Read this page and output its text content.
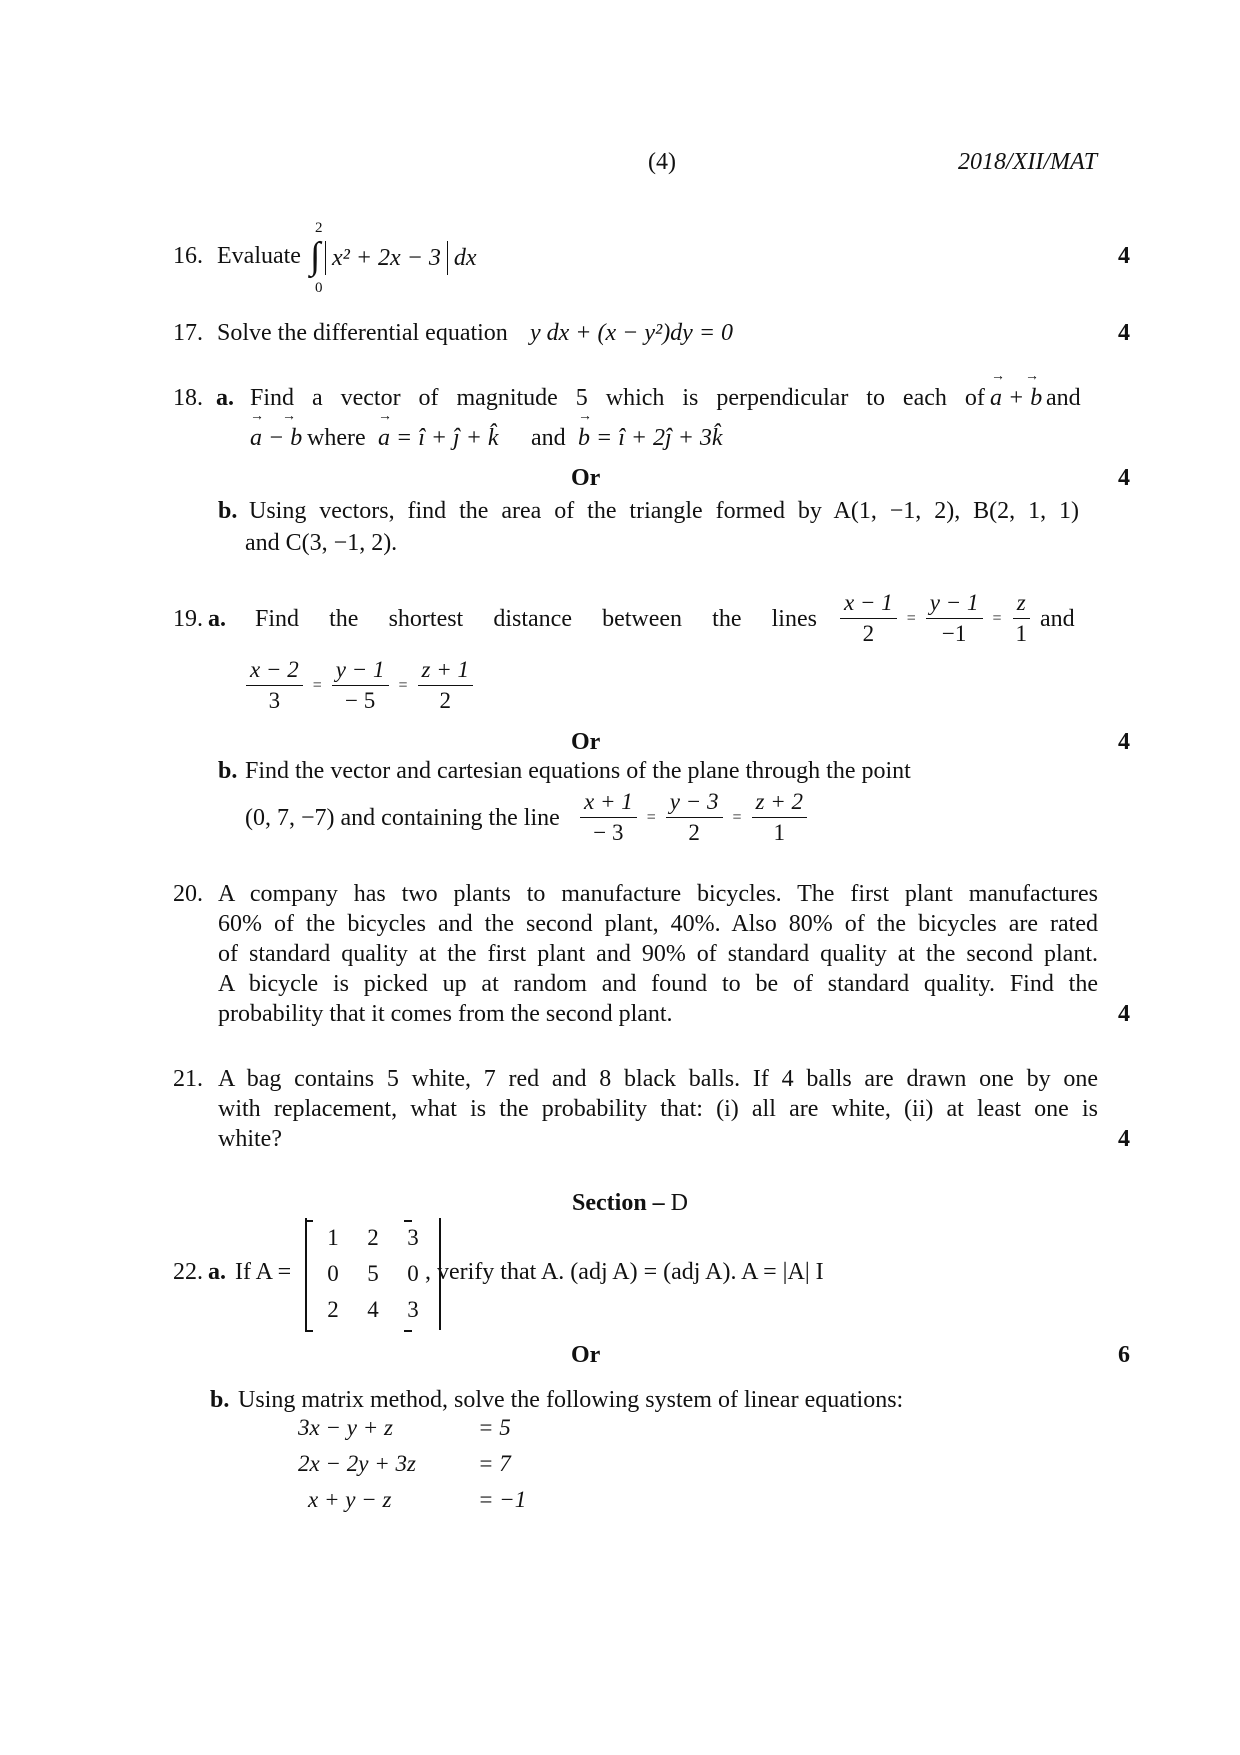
(4)	2018/XII/MAT
16. Evaluate
2
∫
0
x² + 2x − 3 dx	4
17. Solve the differential equation y dx + (x − y²)dy = 0	4
18. a. Find a vector of magnitude 5 which is perpendicular to each of a + b
→ →
and
a − b
→ →
where a = î + ĵ + k̂
→
and b = î + 2ĵ + 3k̂
→
Or	4
b. Using vectors, find the area of the triangle formed by A(1, −1, 2), B(2, 1, 1)
and C(3, −1, 2).
19. a. Find the shortest distance between the lines $\frac{x - 1}{2} = \frac{y - 1}{-1} = \frac{z}{1}$ and
$\frac{x - 2}{3} = \frac{y - 1}{- 5} = \frac{z + 1}{2}$
Or	4
b. Find the vector and cartesian equations of the plane through the point
(0, 7, −7) and containing the line $\frac{x + 1}{- 3} = \frac{y - 3}{2} = \frac{z + 2}{1}$
20. A company has two plants to manufacture bicycles. The first plant manufactures
60% of the bicycles and the second plant, 40%. Also 80% of the bicycles are rated
of standard quality at the first plant and 90% of standard quality at the second plant.
A bicycle is picked up at random and found to be of standard quality. Find the
probability that it comes from the second plant.	4
21. A bag contains 5 white, 7 red and 8 black balls. If 4 balls are drawn one by one
with replacement, what is the probability that: (i) all are white, (ii) at least one is
white?	4
Section – D
22. a. If A =
1	2	3
0	5	0
2	4	3
, verify that A. (adj A) = (adj A). A = |A| I
Or	6
b. Using matrix method, solve the following system of linear equations:
3x − y + z	= 5
2x − 2y + 3z	= 7
x + y − z	= −1
